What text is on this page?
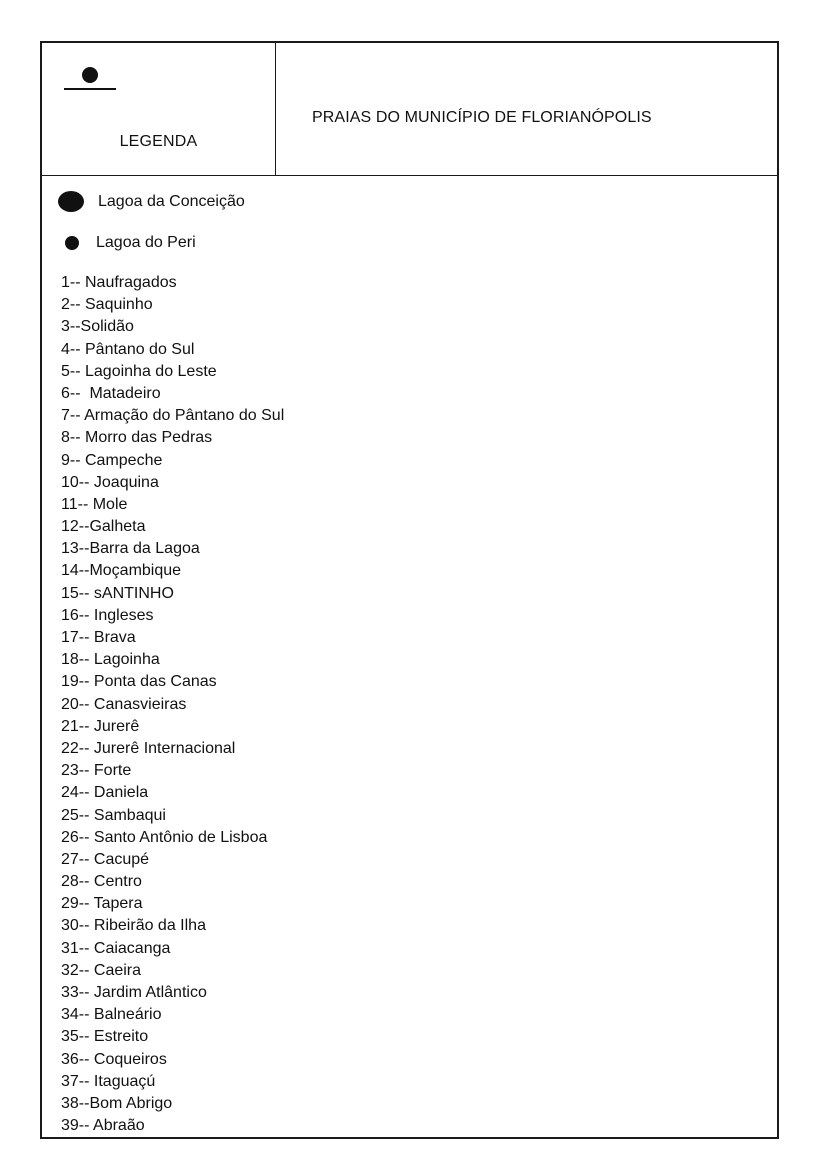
LEGENDA
PRAIAS DO MUNICÍPIO DE FLORIANÓPOLIS
Lagoa da Conceição
Lagoa do Peri
1-- Naufragados
2-- Saquinho
3--Solidão
4-- Pântano do Sul
5-- Lagoinha do Leste
6--  Matadeiro
7-- Armação do Pântano do Sul
8-- Morro das Pedras
9-- Campeche
10-- Joaquina
11-- Mole
12--Galheta
13--Barra da Lagoa
14--Moçambique
15-- sANTINHO
16-- Ingleses
17-- Brava
18-- Lagoinha
19-- Ponta das Canas
20-- Canasvieiras
21-- Jurerê
22-- Jurerê Internacional
23-- Forte
24-- Daniela
25-- Sambaqui
26-- Santo Antônio de Lisboa
27-- Cacupé
28-- Centro
29-- Tapera
30-- Ribeirão da Ilha
31-- Caiacanga
32-- Caeira
33-- Jardim Atlântico
34-- Balneário
35-- Estreito
36-- Coqueiros
37-- Itaguaçú
38--Bom Abrigo
39-- Abraão
